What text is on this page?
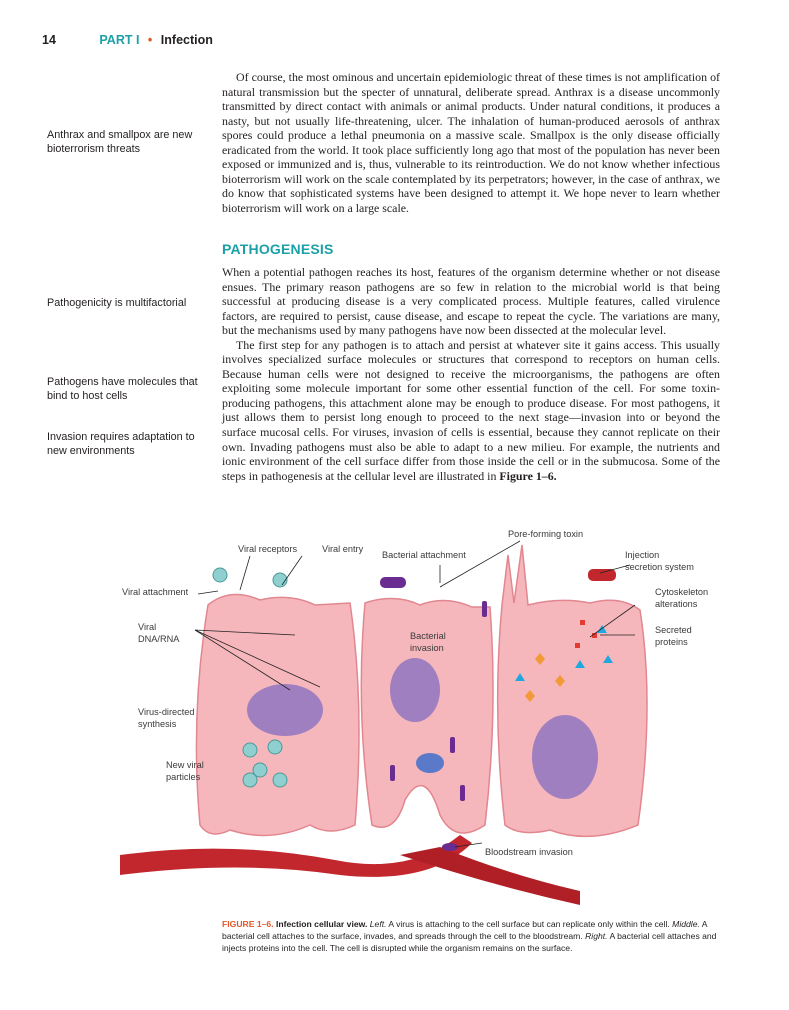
14	PART I • Infection
Anthrax and smallpox are new bioterrorism threats
Pathogenicity is multifactorial
Pathogens have molecules that bind to host cells
Invasion requires adaptation to new environments

Of course, the most ominous and uncertain epidemiologic threat of these times is not amplification of natural transmission but the specter of unnatural, deliberate spread. Anthrax is a disease uncommonly transmitted by direct contact with animals or animal products. Under natural conditions, it produces a nasty, but not usually life-threatening, ulcer. The inhalation of human-produced aerosols of anthrax spores could produce a lethal pneumonia on a massive scale. Smallpox is the only disease officially eradicated from the world. It took place sufficiently long ago that most of the population has never been exposed or immunized and is, thus, vulnerable to its reintroduction. We do not know whether infectious bioterrorism will work on the scale contemplated by its perpetrators; however, in the case of anthrax, we do know that sophisticated systems have been designed to attempt it. We hope never to learn whether bioterrorism will work on a large scale.

PATHOGENESIS

When a potential pathogen reaches its host, features of the organism determine whether or not disease ensues. The primary reason pathogens are so few in relation to the microbial world is that being successful at producing disease is a very complicated process. Multiple features, called virulence factors, are required to persist, cause disease, and escape to repeat the cycle. The variations are many, but the mechanisms used by many pathogens have now been dissected at the molecular level.

The first step for any pathogen is to attach and persist at whatever site it gains access. This usually involves specialized surface molecules or structures that correspond to receptors on human cells. Because human cells were not designed to receive the microorganisms, the pathogens are often exploiting some molecule important for some other essential function of the cell. For some toxin-producing pathogens, this attachment alone may be enough to produce disease. For most pathogens, it just allows them to persist long enough to proceed to the next stage—invasion into or beyond the surface mucosal cells. For viruses, invasion of cells is essential, because they cannot replicate on their own. Invading pathogens must also be able to adapt to a new milieu. For example, the nutrients and ionic environment of the cell surface differ from those inside the cell or in the submucosa. Some of the steps in pathogenesis at the cellular level are illustrated in Figure 1–6.

Viral receptors	Viral entry
Viral attachment
Viral
DNA/RNA
Virus-directed
synthesis
New viral
particles
Bacterial attachment
Pore-forming toxin
Bacterial
invasion
Injection
secretion system
Cytoskeleton
alterations
Secreted
proteins
Bloodstream invasion
FIGURE 1–6. Infection cellular view. Left. A virus is attaching to the cell surface but can replicate only within the cell. Middle. A bacterial cell attaches to the surface, invades, and spreads through the cell to the bloodstream. Right. A bacterial cell attaches and injects proteins into the cell. The cell is disrupted while the organism remains on the surface.
